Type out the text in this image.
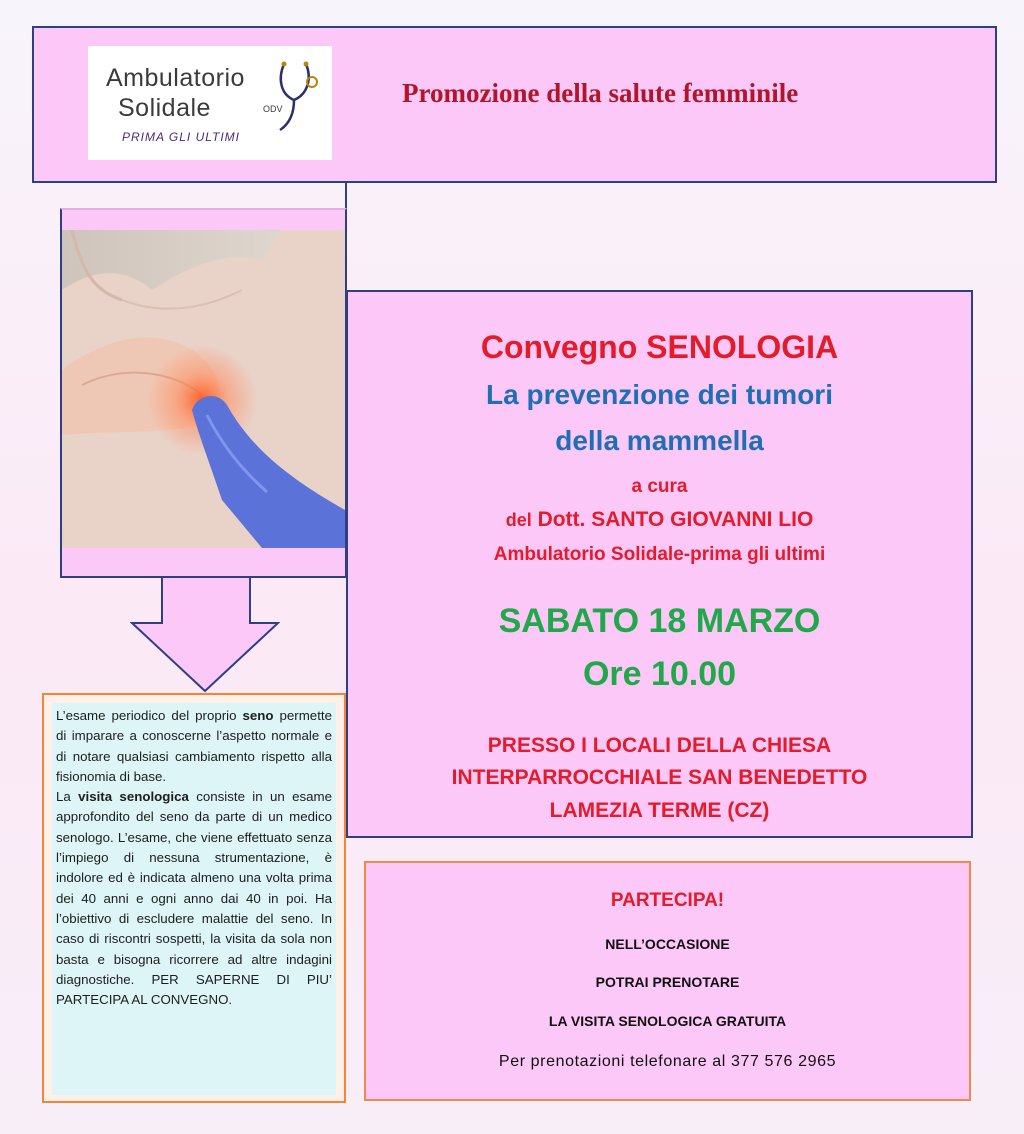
Ambulatorio
Solidale	ODV
PRIMA GLI ULTIMI
Promozione della salute femminile

L’esame periodico del proprio seno permette di imparare a conoscerne l’aspetto normale e di notare qualsiasi cambiamento rispetto alla fisionomia di base.

La visita senologica consiste in un esame approfondito del seno da parte di un medico senologo. L’esame, che viene effettuato senza l’impiego di nessuna strumentazione, è indolore ed è indicata almeno una volta prima dei 40 anni e ogni anno dai 40 in poi. Ha l’obiettivo di escludere malattie del seno. In caso di riscontri sospetti, la visita da sola non basta e bisogna ricorrere ad altre indagini diagnostiche. PER SAPERNE DI PIU’ PARTECIPA AL CONVEGNO.

Convegno SENOLOGIA
La prevenzione dei tumori
della mammella
a cura
del Dott. SANTO GIOVANNI LIO
Ambulatorio Solidale-prima gli ultimi
SABATO 18 MARZO
Ore 10.00
PRESSO I LOCALI DELLA CHIESA
INTERPARROCCHIALE SAN BENEDETTO
LAMEZIA TERME (CZ)
PARTECIPA!
NELL’OCCASIONE
POTRAI PRENOTARE
LA VISITA SENOLOGICA GRATUITA
Per prenotazioni telefonare al 377 576 2965
